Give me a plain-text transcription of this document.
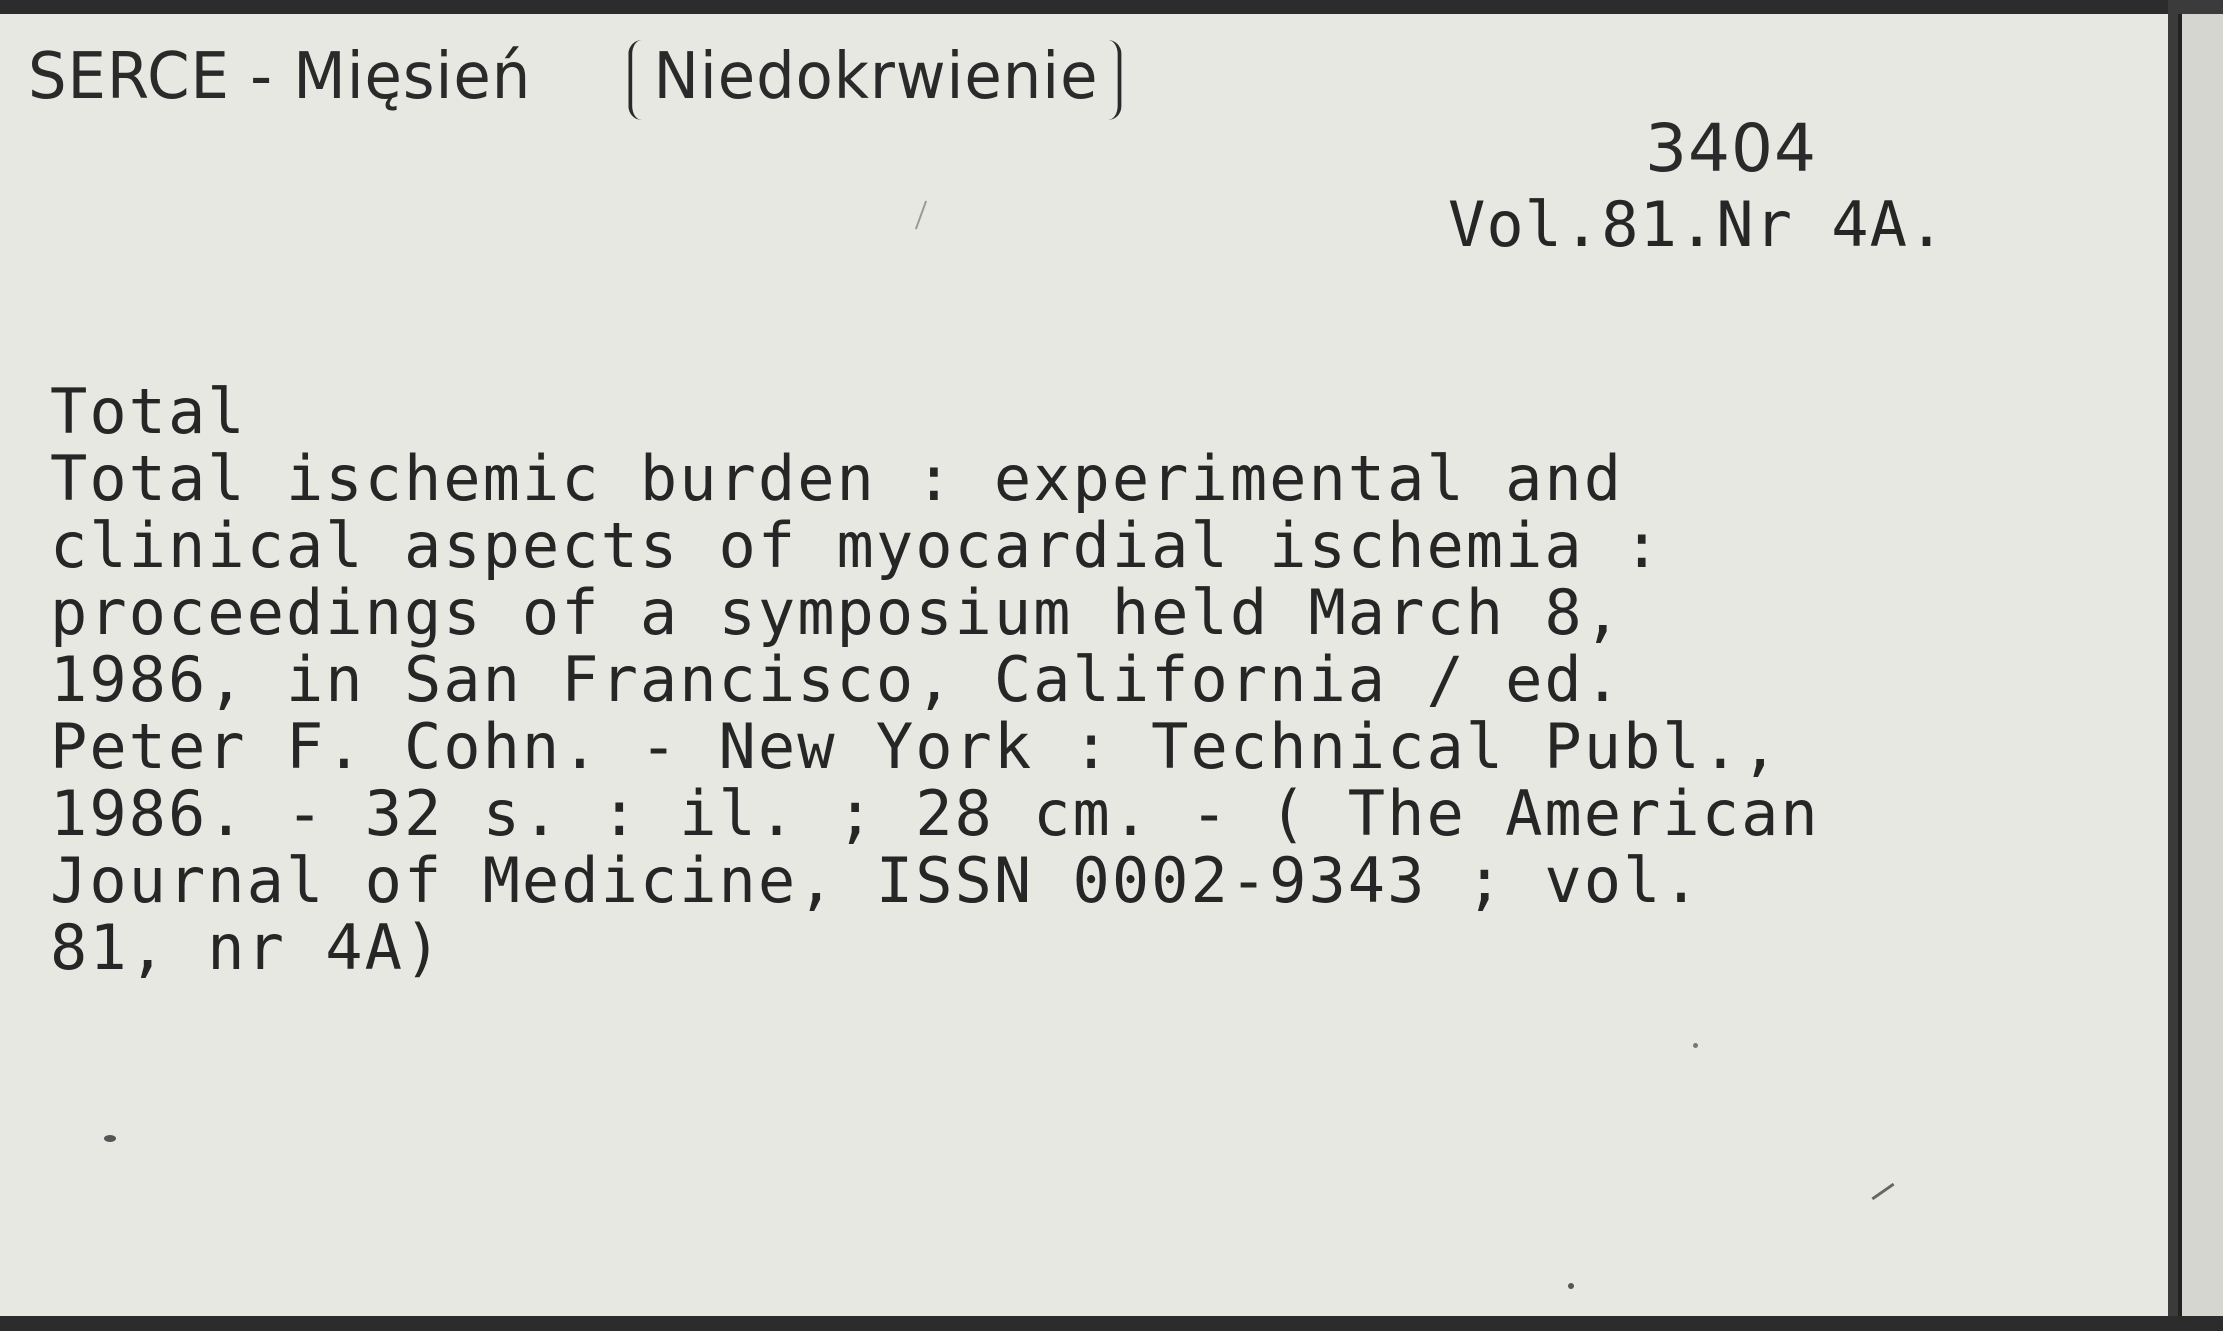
SERCE - Mięsień Niedokrwienie
3404
Vol.81.Nr 4A.
Total
Total ischemic burden : experimental and
clinical aspects of myocardial ischemia :
proceedings of a symposium held March 8,
1986, in San Francisco, California / ed.
Peter F. Cohn. - New York : Technical Publ.,
1986. - 32 s. : il. ; 28 cm. - ( The American
Journal of Medicine, ISSN 0002-9343 ; vol.
81, nr 4A)
